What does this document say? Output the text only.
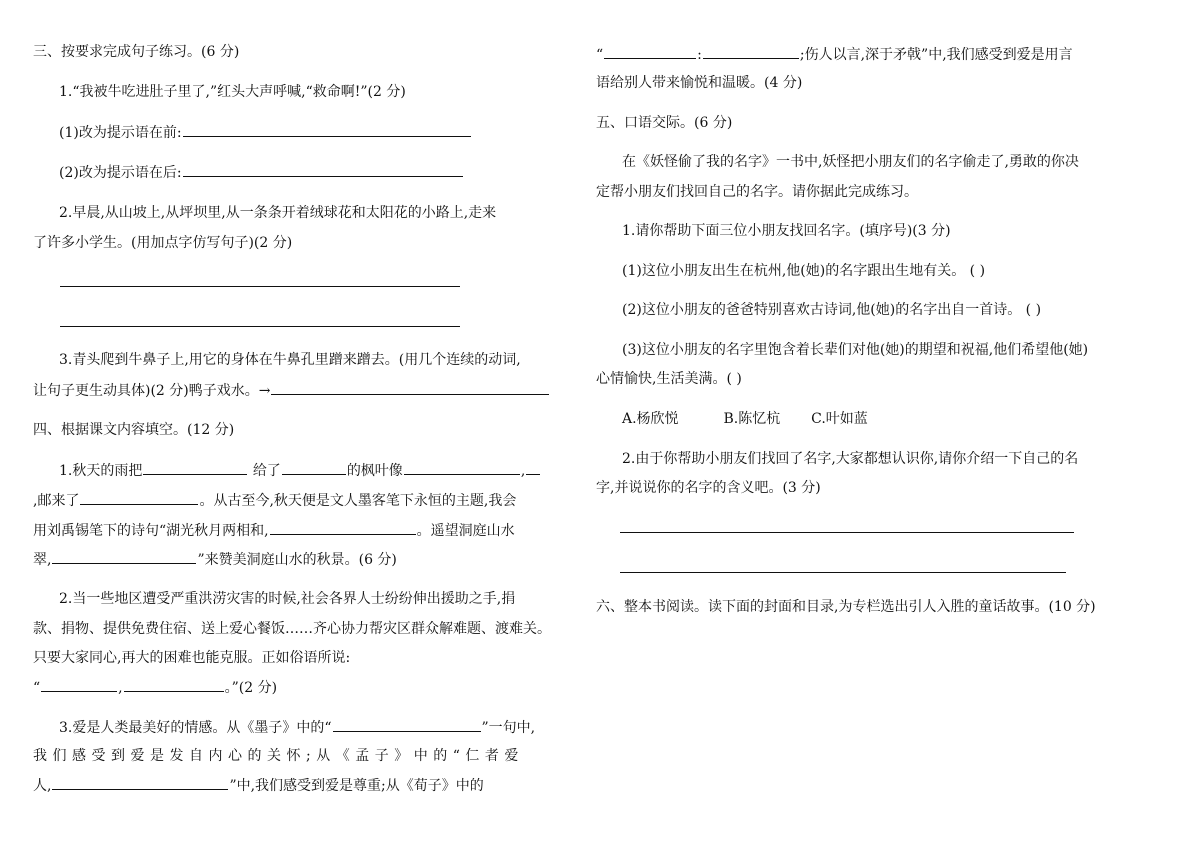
三、按要求完成句子练习。(6 分)
1.“我被牛吃进肚子里了,”红头大声呼喊,“救命啊!”(2 分)
(1)改为提示语在前:
(2)改为提示语在后:
2.早晨,从山坡上,从坪坝里,从一条条开着绒球花和太阳花的小路上,走来
了许多小学生。(用加点字仿写句子)(2 分)
3.青头爬到牛鼻子上,用它的身体在牛鼻孔里蹭来蹭去。(用几个连续的动词,
让句子更生动具体)(2 分)鸭子戏水。→
四、根据课文内容填空。(12 分)
1.秋天的雨把	给了	的枫叶像	,
,邮来了	。从古至今,秋天便是文人墨客笔下永恒的主题,我会
用刘禹锡笔下的诗句“湖光秋月两相和,	。遥望洞庭山水
翠,	”来赞美洞庭山水的秋景。(6 分)
2.当一些地区遭受严重洪涝灾害的时候,社会各界人士纷纷伸出援助之手,捐
款、捐物、提供免费住宿、送上爱心餐饭……齐心协力帮灾区群众解难题、渡难关。
只要大家同心,再大的困难也能克服。正如俗语所说:
“	,	。”(2 分)
3.爱是人类最美好的情感。从《墨子》中的“	”一句中,
我们感受到爱是发自内心的关怀;从《孟子》中的“仁者爱
人,	”中,我们感受到爱是尊重;从《荀子》中的
“	:	;伤人以言,深于矛戟”中,我们感受到爱是用言
语给别人带来愉悦和温暖。(4 分)
五、口语交际。(6 分)
在《妖怪偷了我的名字》一书中,妖怪把小朋友们的名字偷走了,勇敢的你决
定帮小朋友们找回自己的名字。请你据此完成练习。
1.请你帮助下面三位小朋友找回名字。(填序号)(3 分)
(1)这位小朋友出生在杭州,他(她)的名字跟出生地有关。 ( )
(2)这位小朋友的爸爸特别喜欢古诗词,他(她)的名字出自一首诗。 ( )
(3)这位小朋友的名字里饱含着长辈们对他(她)的期望和祝福,他们希望他(她)
心情愉快,生活美满。( )
A.杨欣悦	B.陈忆杭 C.叶如蓝
2.由于你帮助小朋友们找回了名字,大家都想认识你,请你介绍一下自己的名
字,并说说你的名字的含义吧。(3 分)
六、整本书阅读。读下面的封面和目录,为专栏选出引人入胜的童话故事。(10 分)
